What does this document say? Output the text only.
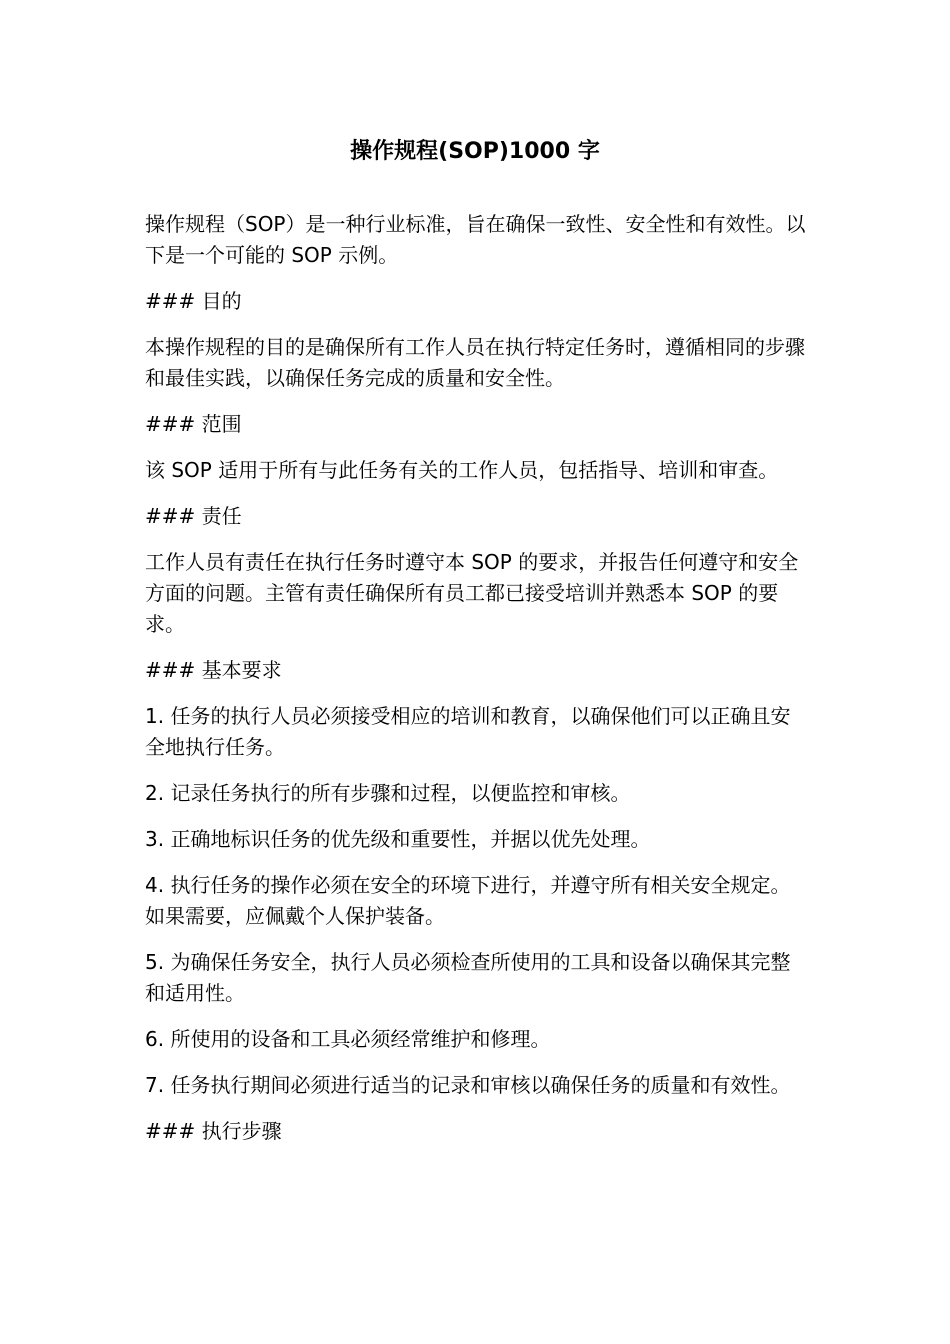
操作规程(SOP)1000 字

操作规程（SOP）是一种行业标准，旨在确保一致性、安全性和有效性。以下是一个可能的 SOP 示例。

### 目的

本操作规程的目的是确保所有工作人员在执行特定任务时，遵循相同的步骤和最佳实践，以确保任务完成的质量和安全性。

### 范围

该 SOP 适用于所有与此任务有关的工作人员，包括指导、培训和审查。

### 责任

工作人员有责任在执行任务时遵守本 SOP 的要求，并报告任何遵守和安全方面的问题。主管有责任确保所有员工都已接受培训并熟悉本 SOP 的要求。

### 基本要求

1. 任务的执行人员必须接受相应的培训和教育，以确保他们可以正确且安全地执行任务。

2. 记录任务执行的所有步骤和过程，以便监控和审核。

3. 正确地标识任务的优先级和重要性，并据以优先处理。

4. 执行任务的操作必须在安全的环境下进行，并遵守所有相关安全规定。如果需要，应佩戴个人保护装备。

5. 为确保任务安全，执行人员必须检查所使用的工具和设备以确保其完整和适用性。

6. 所使用的设备和工具必须经常维护和修理。

7. 任务执行期间必须进行适当的记录和审核以确保任务的质量和有效性。

### 执行步骤
